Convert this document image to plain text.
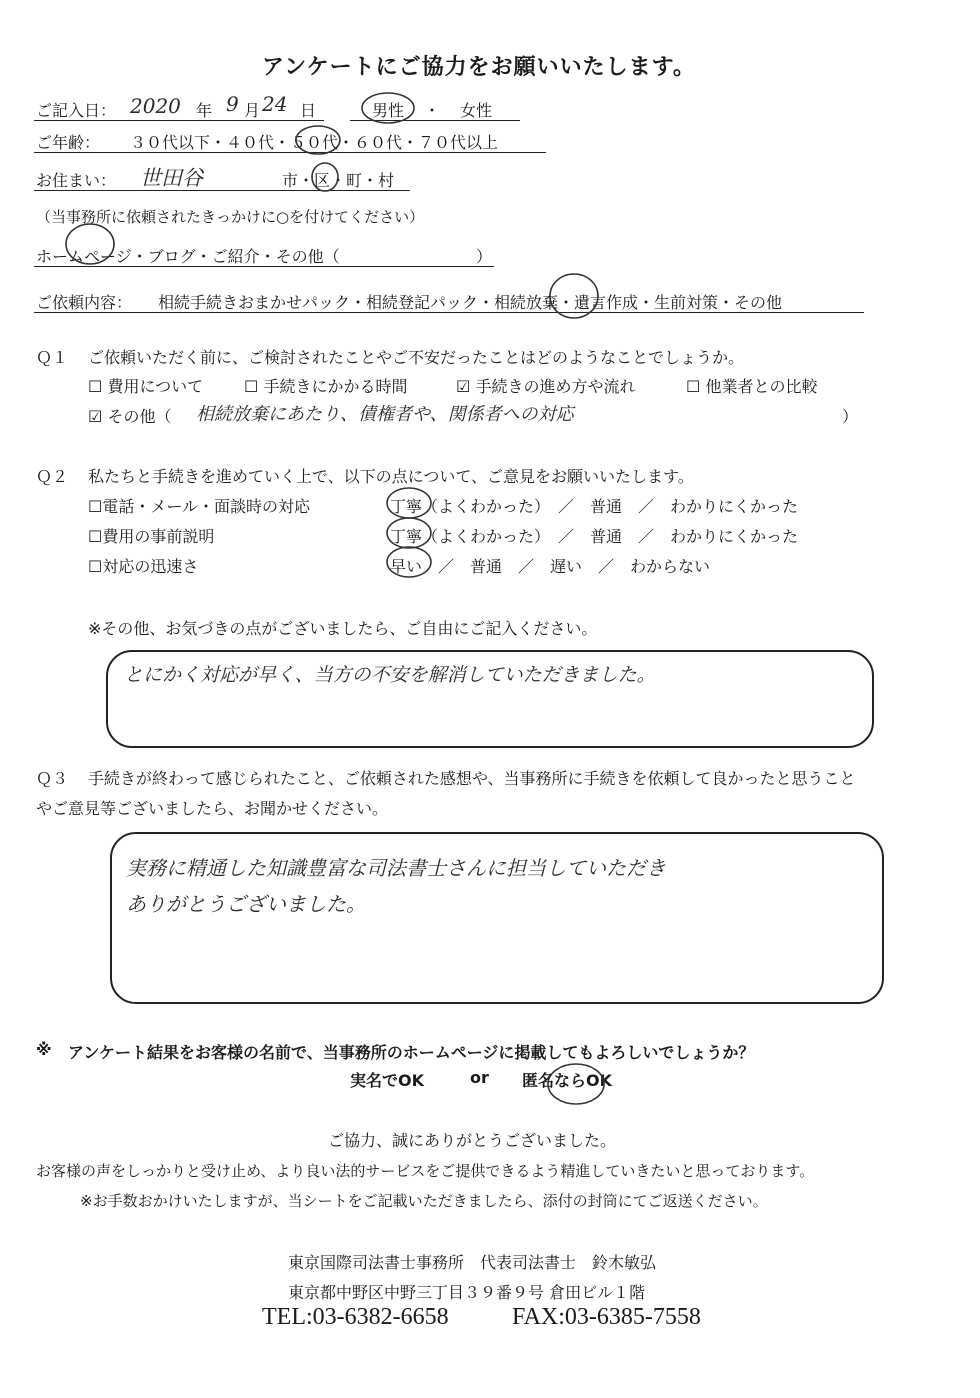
アンケートにご協力をお願いいたします。
ご記入日： 2020 年 9 月 24 日	男性 ・ 女性
ご年齢： ３０代以下・４０代・５０代・６０代・７０代以上
お住まい： 世田谷	市・区・町・村
（当事務所に依頼されたきっかけに○を付けてください）
ホームページ・ブログ・ご紹介・その他（	）
ご依頼内容： 相続手続きおまかせパック・相続登記パック・相続放棄・遺言作成・生前対策・その他
Ｑ１ ご依頼いただく前に、ご検討されたことやご不安だったことはどのようなことでしょうか。
☐ 費用について	☐ 手続きにかかる時間	☑ 手続きの進め方や流れ	☐ 他業者との比較
☑ その他（ 相続放棄にあたり、債権者や、関係者への対応	）
Ｑ２ 私たちと手続きを進めていく上で、以下の点について、ご意見をお願いいたします。
☐電話・メール・面談時の対応	丁寧（よくわかった）　／　普通　／　わかりにくかった
☐費用の事前説明	丁寧（よくわかった）　／　普通　／　わかりにくかった
☐対応の迅速さ	早い　／　普通　／　遅い　／　わからない
※その他、お気づきの点がございましたら、ご自由にご記入ください。
とにかく対応が早く、当方の不安を解消していただきました。
Ｑ３ 手続きが終わって感じられたこと、ご依頼された感想や、当事務所に手続きを依頼して良かったと思うこと
やご意見等ございましたら、お聞かせください。
実務に精通した知識豊富な司法書士さんに担当していただき
ありがとうございました。
※ アンケート結果をお客様の名前で、当事務所のホームページに掲載してもよろしいでしょうか？
実名でOK	or 匿名ならOK
ご協力、誠にありがとうございました。
お客様の声をしっかりと受け止め、より良い法的サービスをご提供できるよう精進していきたいと思っております。
※お手数おかけいたしますが、当シートをご記載いただきましたら、添付の封筒にてご返送ください。
東京国際司法書士事務所　代表司法書士　鈴木敏弘
東京都中野区中野三丁目３９番９号 倉田ビル１階
TEL:03-6382-6658	FAX:03-6385-7558
